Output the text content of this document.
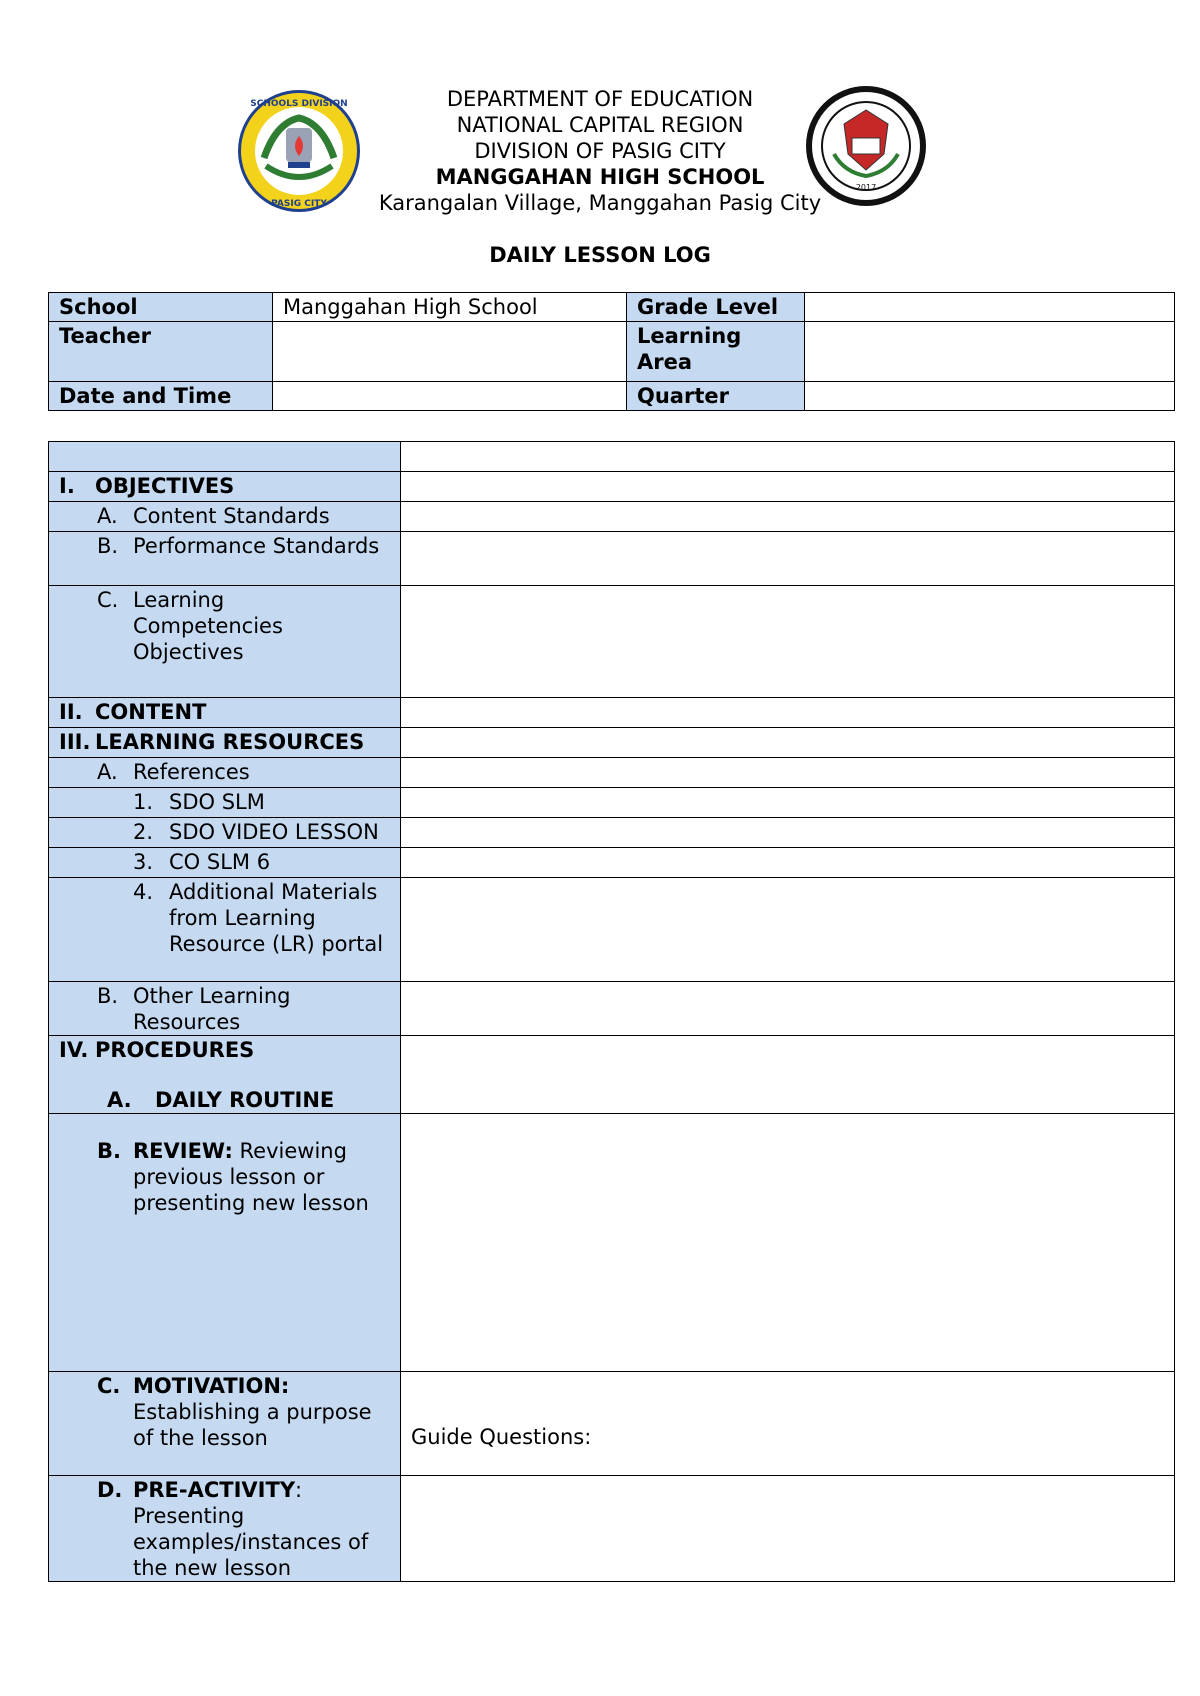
SCHOOLS DIVISION
PASIG CITY
2017
DEPARTMENT OF EDUCATION
NATIONAL CAPITAL REGION
DIVISION OF PASIG CITY
MANGGAHAN HIGH SCHOOL
Karangalan Village, Manggahan Pasig City
DAILY LESSON LOG
School	Manggahan High School	Grade Level	
Teacher		Learning Area	
Date and Time		Quarter	

I. OBJECTIVES	

A. Content Standards	

B. Performance Standards	

C. Learning Competencies Objectives	

II. CONTENT	

III. LEARNING RESOURCES	

A. References	

1. SDO SLM	

2. SDO VIDEO LESSON	

3. CO SLM 6	

4. Additional Materials from Learning Resource (LR) portal	

B. Other Learning Resources	

IV. PROCEDURES
A. DAILY ROUTINE	

B. REVIEW: Reviewing previous lesson or presenting new lesson	

C. MOTIVATION: Establishing a purpose of the lesson	Guide Questions:

D. PRE-ACTIVITY: Presenting examples/instances of the new lesson	
